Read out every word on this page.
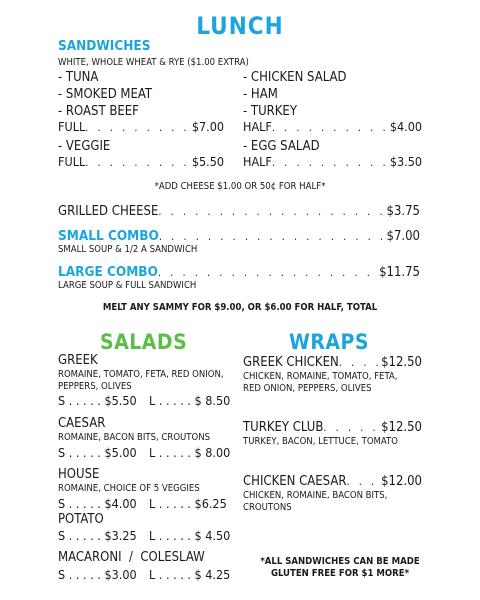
LUNCH
SANDWICHES
WHITE, WHOLE WHEAT & RYE ($1.00 EXTRA)
- TUNA
- SMOKED MEAT
- ROAST BEEF
- CHICKEN SALAD
- HAM
- TURKEY
FULL . . .	$7.00 HALF . . .	$4.00
- VEGGIE	- EGG SALAD
FULL . . .	$5.50 HALF . . .	$3.50
*ADD CHEESE $1.00 OR 50¢ FOR HALF*
GRILLED CHEESE . . .	$3.75
SMALL COMBO . . .	$7.00
SMALL SOUP & 1/2 A SANDWICH
LARGE COMBO . . .	$11.75
LARGE SOUP & FULL SANDWICH
MELT ANY SAMMY FOR $9.00, OR $6.00 FOR HALF, TOTAL
SALADS	WRAPS
GREEK
ROMAINE, TOMATO, FETA, RED ONION, PEPPERS, OLIVES
S . . . . . $5.50 L . . . . . $ 8.50
CAESAR
ROMAINE, BACON BITS, CROUTONS
S . . . . . $5.00 L . . . . . $ 8.00
HOUSE
ROMAINE, CHOICE OF 5 VEGGIES
S . . . . . $4.00 L . . . . . $6.25
POTATO
S . . . . . $3.25 L . . . . . $ 4.50
MACARONI  /  COLESLAW
S . . . . . $3.00 L . . . . . $ 4.25
GREEK CHICKEN . . .	$12.50
CHICKEN, ROMAINE, TOMATO, FETA, RED ONION, PEPPERS, OLIVES
TURKEY CLUB . . .	$12.50
TURKEY, BACON, LETTUCE, TOMATO
CHICKEN CAESAR . . .	$12.00
CHICKEN, ROMAINE, BACON BITS, CROUTONS
*ALL SANDWICHES CAN BE MADE GLUTEN FREE FOR $1 MORE*
